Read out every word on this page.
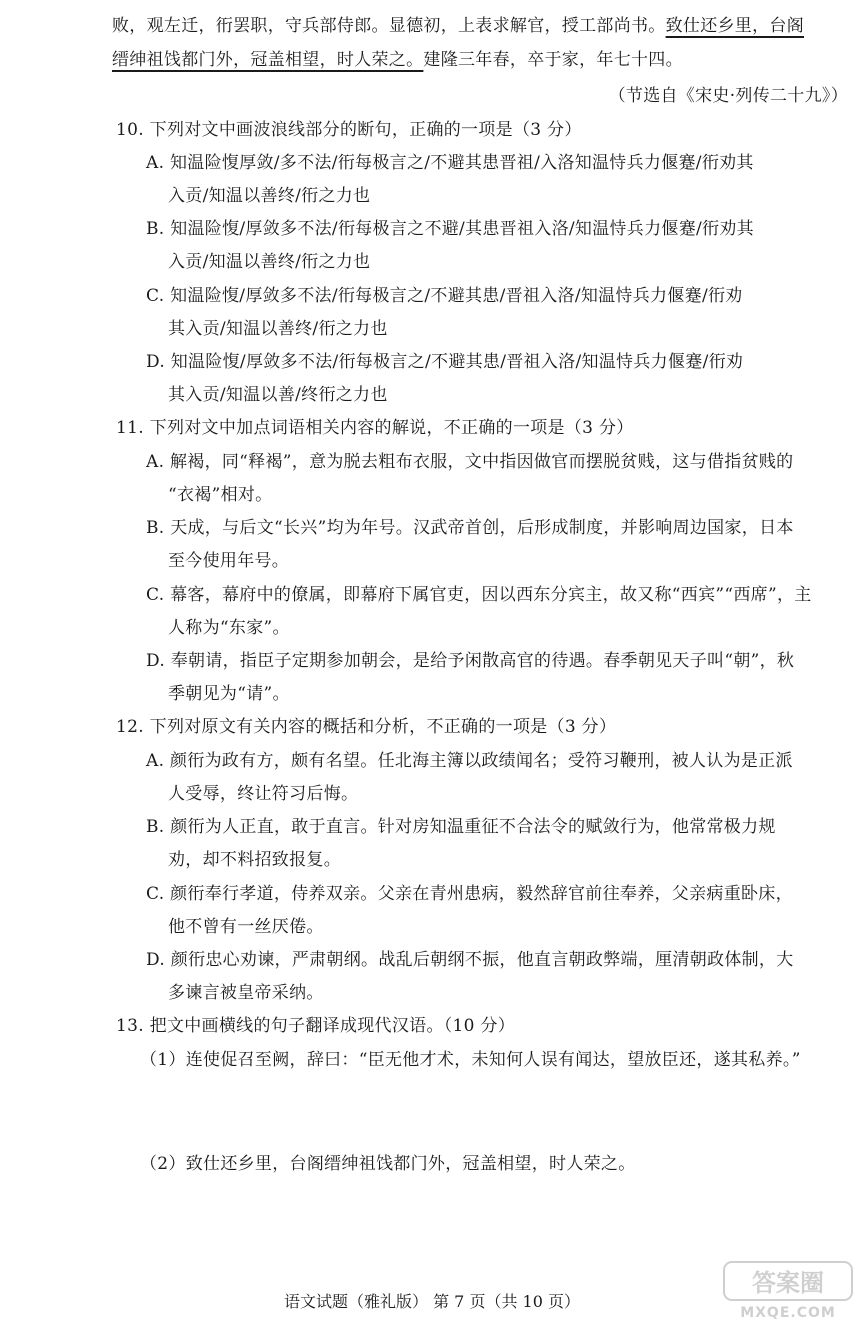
败，观左迁，衎罢职，守兵部侍郎。显德初，上表求解官，授工部尚书。致仕还乡里，台阁
缙绅祖饯都门外，冠盖相望，时人荣之。建隆三年春，卒于家，年七十四。
（节选自《宋史·列传二十九》）
10. 下列对文中画波浪线部分的断句，正确的一项是（3 分）
A. 知温险愎厚敛/多不法/衎每极言之/不避其患晋祖/入洛知温恃兵力偃蹇/衎劝其
入贡/知温以善终/衎之力也
B. 知温险愎/厚敛多不法/衎每极言之不避/其患晋祖入洛/知温恃兵力偃蹇/衎劝其
入贡/知温以善终/衎之力也
C. 知温险愎/厚敛多不法/衎每极言之/不避其患/晋祖入洛/知温恃兵力偃蹇/衎劝
其入贡/知温以善终/衎之力也
D. 知温险愎/厚敛多不法/衎每极言之/不避其患/晋祖入洛/知温恃兵力偃蹇/衎劝
其入贡/知温以善/终衎之力也
11. 下列对文中加点词语相关内容的解说，不正确的一项是（3 分）
A. 解褐，同“释褐”，意为脱去粗布衣服，文中指因做官而摆脱贫贱，这与借指贫贱的
“衣褐”相对。
B. 天成，与后文“长兴”均为年号。汉武帝首创，后形成制度，并影响周边国家，日本
至今使用年号。
C. 幕客，幕府中的僚属，即幕府下属官吏，因以西东分宾主，故又称“西宾”“西席”，主
人称为“东家”。
D. 奉朝请，指臣子定期参加朝会，是给予闲散高官的待遇。春季朝见天子叫“朝”，秋
季朝见为“请”。
12. 下列对原文有关内容的概括和分析，不正确的一项是（3 分）
A. 颜衎为政有方，颇有名望。任北海主簿以政绩闻名；受符习鞭刑，被人认为是正派
人受辱，终让符习后悔。
B. 颜衎为人正直，敢于直言。针对房知温重征不合法令的赋敛行为，他常常极力规
劝，却不料招致报复。
C. 颜衎奉行孝道，侍养双亲。父亲在青州患病，毅然辞官前往奉养，父亲病重卧床，
他不曾有一丝厌倦。
D. 颜衎忠心劝谏，严肃朝纲。战乱后朝纲不振，他直言朝政弊端，厘清朝政体制，大
多谏言被皇帝采纳。
13. 把文中画横线的句子翻译成现代汉语。（10 分）
（1）连使促召至阙，辞曰：“臣无他才术，未知何人误有闻达，望放臣还，遂其私养。”
（2）致仕还乡里，台阁缙绅祖饯都门外，冠盖相望，时人荣之。
语文试题（雅礼版） 第 7 页（共 10 页）
答案圈
MXQE.COM
